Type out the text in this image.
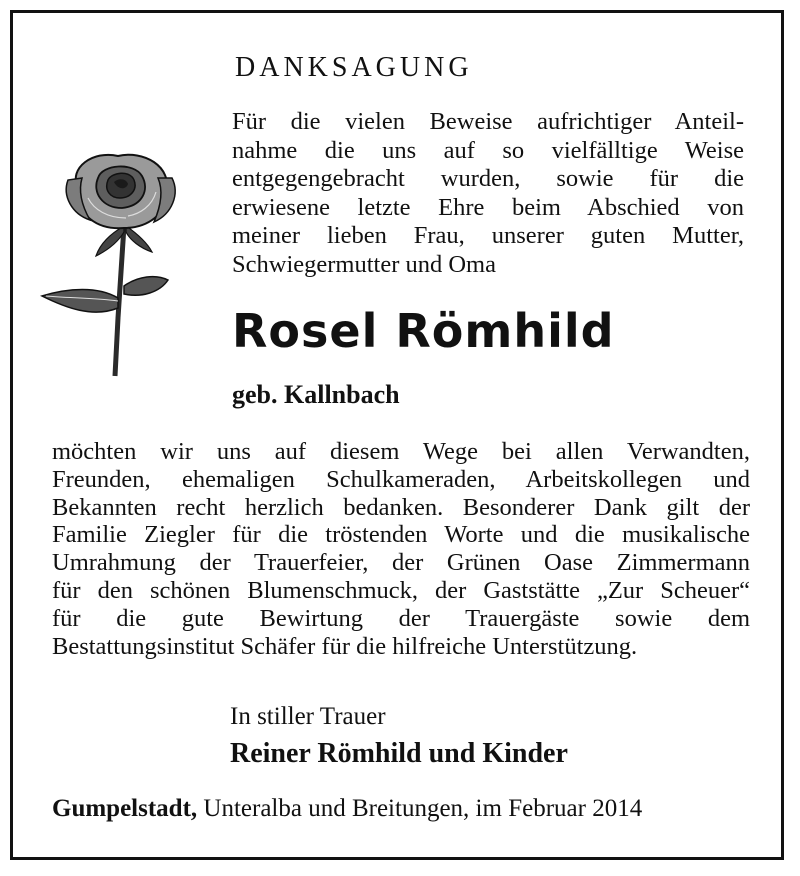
DANKSAGUNG
Für die vielen Beweise aufrichtiger Anteil-
nahme die uns auf so vielfälltige Weise
entgegengebracht wurden, sowie für die
erwiesene letzte Ehre beim Abschied von
meiner lieben Frau, unserer guten Mutter,
Schwiegermutter und Oma
Rosel Römhild
geb. Kallnbach
möchten wir uns auf diesem Wege bei allen Verwandten,
Freunden, ehemaligen Schulkameraden, Arbeitskollegen und
Bekannten recht herzlich bedanken. Besonderer Dank gilt der
Familie Ziegler für die tröstenden Worte und die musikalische
Umrahmung der Trauerfeier, der Grünen Oase Zimmermann
für den schönen Blumenschmuck, der Gaststätte „Zur Scheuer“
für die gute Bewirtung der Trauergäste sowie dem
Bestattungsinstitut Schäfer für die hilfreiche Unterstützung.
In stiller Trauer
Reiner Römhild und Kinder
Gumpelstadt, Unteralba und Breitungen, im Februar 2014
